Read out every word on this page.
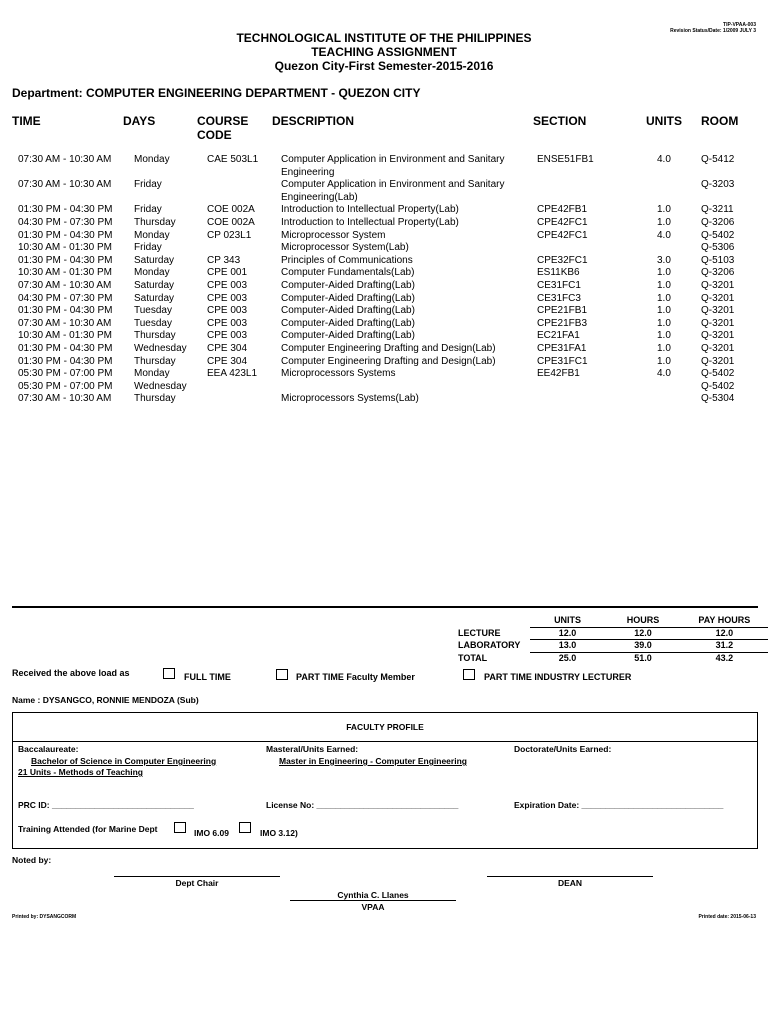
TIP-VPAA-003
Revision Status/Date: 1/2009 JULY 3
TECHNOLOGICAL INSTITUTE OF THE PHILIPPINES
TEACHING ASSIGNMENT
Quezon City-First Semester-2015-2016
Department: COMPUTER ENGINEERING DEPARTMENT - QUEZON CITY
TIME	DAYS	COURSE
CODE
DESCRIPTION	SECTION	UNITS ROOM
07:30 AM - 10:30 AM	Monday	CAE 503L1	Computer Application in Environment and Sanitary Engineering	ENSE51FB1	4.0	Q-5412
07:30 AM - 10:30 AM	Friday		Computer Application in Environment and Sanitary Engineering(Lab)			Q-3203
01:30 PM - 04:30 PM	Friday	COE 002A	Introduction to Intellectual Property(Lab)	CPE42FB1	1.0	Q-3211
04:30 PM - 07:30 PM	Thursday	COE 002A	Introduction to Intellectual Property(Lab)	CPE42FC1	1.0	Q-3206
01:30 PM - 04:30 PM	Monday	CP 023L1	Microprocessor System	CPE42FC1	4.0	Q-5402
10:30 AM - 01:30 PM	Friday		Microprocessor System(Lab)			Q-5306
01:30 PM - 04:30 PM	Saturday	CP 343	Principles of Communications	CPE32FC1	3.0	Q-5103
10:30 AM - 01:30 PM	Monday	CPE 001	Computer Fundamentals(Lab)	ES11KB6	1.0	Q-3206
07:30 AM - 10:30 AM	Saturday	CPE 003	Computer-Aided Drafting(Lab)	CE31FC1	1.0	Q-3201
04:30 PM - 07:30 PM	Saturday	CPE 003	Computer-Aided Drafting(Lab)	CE31FC3	1.0	Q-3201
01:30 PM - 04:30 PM	Tuesday	CPE 003	Computer-Aided Drafting(Lab)	CPE21FB1	1.0	Q-3201
07:30 AM - 10:30 AM	Tuesday	CPE 003	Computer-Aided Drafting(Lab)	CPE21FB3	1.0	Q-3201
10:30 AM - 01:30 PM	Thursday	CPE 003	Computer-Aided Drafting(Lab)	EC21FA1	1.0	Q-3201
01:30 PM - 04:30 PM	Wednesday	CPE 304	Computer Engineering Drafting and Design(Lab)	CPE31FA1	1.0	Q-3201
01:30 PM - 04:30 PM	Thursday	CPE 304	Computer Engineering Drafting and Design(Lab)	CPE31FC1	1.0	Q-3201
05:30 PM - 07:00 PM	Monday	EEA 423L1	Microprocessors Systems	EE42FB1	4.0	Q-5402
05:30 PM - 07:00 PM	Wednesday					Q-5402
07:30 AM - 10:30 AM	Thursday		Microprocessors Systems(Lab)			Q-5304
	UNITS	HOURS	PAY HOURS
LECTURE	12.0	12.0	12.0
LABORATORY	13.0	39.0	31.2
TOTAL	25.0	51.0	43.2
Received the above load as	FULL TIME	PART TIME Faculty Member	PART TIME INDUSTRY LECTURER
Name : DYSANGCO, RONNIE MENDOZA (Sub)
FACULTY PROFILE
Baccalaureate:
Bachelor of Science in Computer Engineering
21 Units - Methods of Teaching
Masteral/Units Earned:
Master in Engineering - Computer Engineering
Doctorate/Units Earned:
PRC ID: ______________________________	License No: ______________________________	Expiration Date: ______________________________
Training Attended (for Marine Dept	IMO 6.09	IMO 3.12)
Noted by:
Dept Chair	DEAN
Cynthia C. Llanes
VPAA
Printed by: DYSANGCORM	Printed date: 2015-06-13
